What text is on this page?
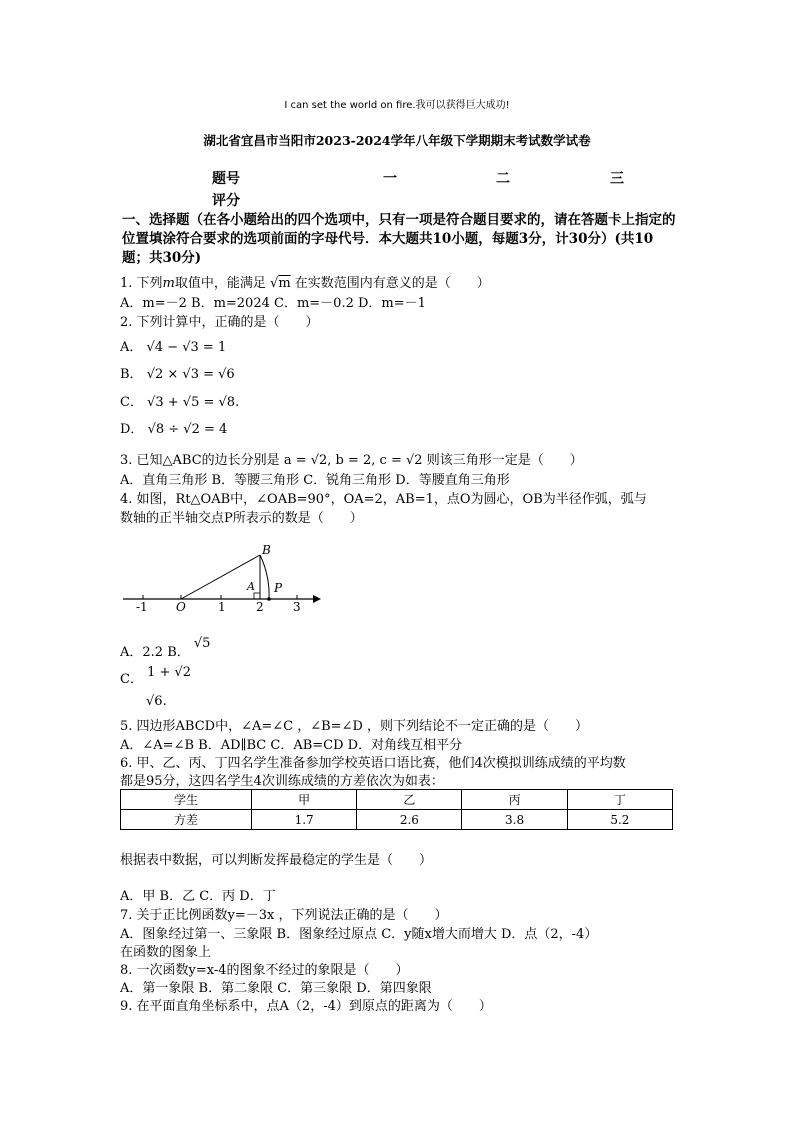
I can set the world on fire.我可以获得巨大成功!
湖北省宜昌市当阳市2023-2024学年八年级下学期期末考试数学试卷
题号	一	二	三
评分
一、选择题（在各小题给出的四个选项中，只有一项是符合题目要求的，请在答题卡上指定的位置填涂符合要求的选项前面的字母代号．本大题共10小题，每题3分，计30分）(共10题；共30分)
1. 下列m取值中，能满足 √m 在实数范围内有意义的是（　　）
A．m=－2 B．m=2024 C．m=－0.2 D．m=－1
2. 下列计算中，正确的是（　　）
A． √4 − √3 = 1
B． √2 × √3 = √6
C． √3 + √5 = √8.
D． √8 ÷ √2 = 4
3. 已知△ABC的边长分别是 a = √2, b = 2, c = √2 则该三角形一定是（　　）
A．直角三角形 B．等腰三角形 C．锐角三角形 D．等腰直角三角形
4. 如图，Rt△OAB中，∠OAB=90°，OA=2，AB=1，点O为圆心，OB为半径作弧，弧与
数轴的正半轴交点P所表示的数是（　　）
-1 O	1	2 3
B
A P
A．2.2 B． √5
C． 1 + √2
√6.
5. 四边形ABCD中，∠A=∠C ，∠B=∠D ，则下列结论不一定正确的是（　　）
A．∠A=∠B B．AD∥BC C．AB=CD D．对角线互相平分
6. 甲、乙、丙、丁四名学生准备参加学校英语口语比赛，他们4次模拟训练成绩的平均数
都是95分，这四名学生4次训练成绩的方差依次为如表：
学生	甲	乙	丙	丁
方差	1.7	2.6	3.8	5.2
根据表中数据，可以判断发挥最稳定的学生是（　　）
A．甲 B．乙 C．丙 D．丁
7. 关于正比例函数y=－3x ，下列说法正确的是（　　）
A．图象经过第一、三象限 B．图象经过原点 C．y随x增大而增大 D．点（2，-4）
在函数的图象上
8. 一次函数y=x-4的图象不经过的象限是（　　）
A．第一象限 B．第二象限 C．第三象限 D．第四象限
9. 在平面直角坐标系中，点A（2，-4）到原点的距离为（　　）
